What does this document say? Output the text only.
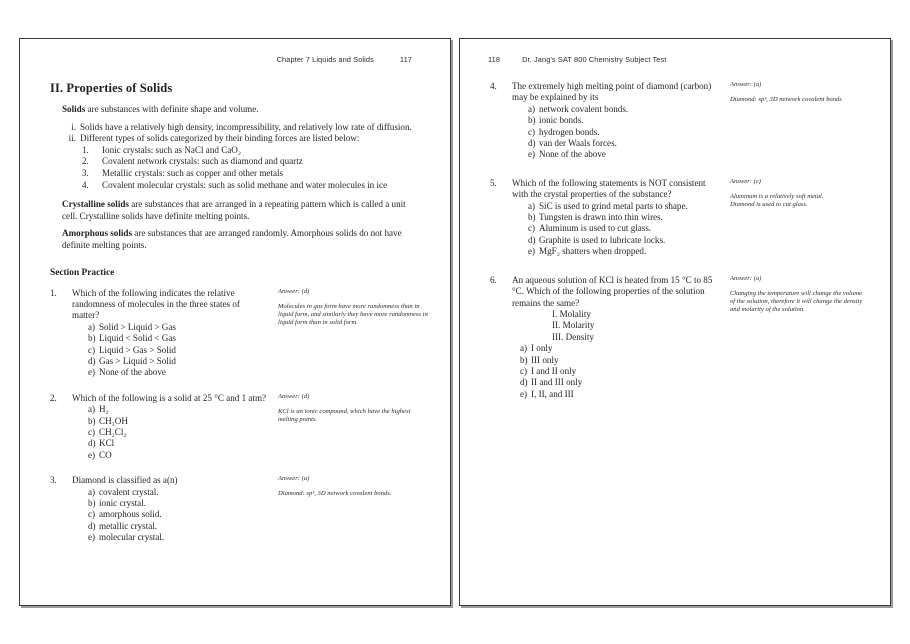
Chapter 7 Liquids and Solids	117
II. Properties of Solids

Solids are substances with definite shape and volume.

i. Solids have a relatively high density, incompressibility, and relatively low rate of diffusion.
ii. Different types of solids categorized by their binding forces are listed below:
1.	Ionic crystals: such as NaCl and CaO₂
2.	Covalent network crystals: such as diamond and quartz
3.	Metallic crystals: such as copper and other metals
4.	Covalent molecular crystals: such as solid methane and water molecules in ice

Crystalline solids are substances that are arranged in a repeating pattern which is called a unit cell. Crystalline solids have definite melting points.

Amorphous solids are substances that are arranged randomly. Amorphous solids do not have definite melting points.

Section Practice
1.	Which of the following indicates the relative randomness of molecules in the three states of matter?
a) Solid > Liquid > Gas
b) Liquid < Solid < Gas
c) Liquid > Gas > Solid
d) Gas > Liquid > Solid
e) None of the above

Answer: (d)

Molecules in gas form have more randomness than in liquid form, and similarly they have more randomness in liquid form than in solid form.

2.	Which of the following is a solid at 25 °C and 1 atm?
a) H₂
b) CH₃OH
c) CH₂Cl₂
d) KCl
e) CO

Answer: (d)

KCl is an ionic compound, which have the highest melting points.

3.	Diamond is classified as a(n)
a) covalent crystal.
b) ionic crystal.
c) amorphous solid.
d) metallic crystal.
e) molecular crystal.

Answer: (a)

Diamond: sp³, 3D network covalent bonds.

118	Dr. Jang's SAT 800 Chemistry Subject Test
4.	The extremely high melting point of diamond (carbon) may be explained by its
a) network covalent bonds.
b) ionic bonds.
c) hydrogen bonds.
d) van der Waals forces.
e) None of the above

Answer: (a)

Diamond: sp³, 3D network covalent bonds

5.	Which of the following statements is NOT consistent with the crystal properties of the substance?
a) SiC is used to grind metal parts to shape.
b) Tungsten is drawn into thin wires.
c) Aluminum is used to cut glass.
d) Graphite is used to lubricate locks.
e) MgF₂ shatters when dropped.

Answer: (c)

Aluminum is a relatively soft metal.

Diamond is used to cut glass.

6.	An aqueous solution of KCl is heated from 15 °C to 85 °C. Which of the following properties of the solution remains the same?
I. Molality
II. Molarity
III. Density
a) I only
b) III only
c) I and II only
d) II and III only
e) I, II, and III

Answer: (a)

Changing the temperature will change the volume of the solution, therefore it will change the density and molarity of the solution.
